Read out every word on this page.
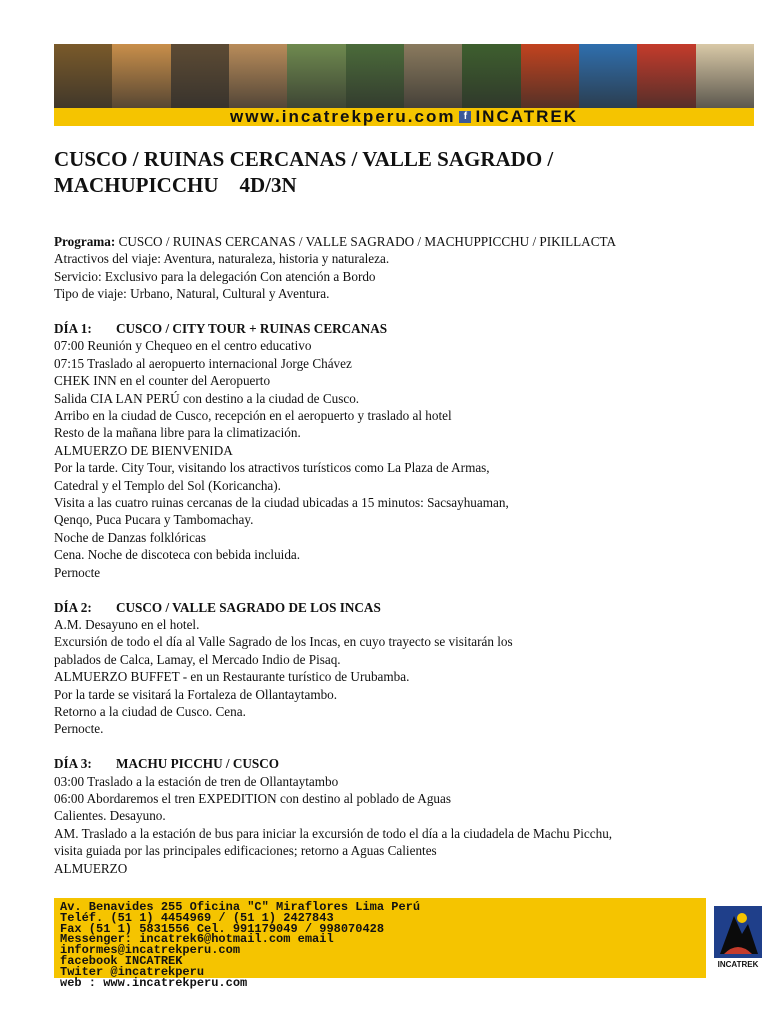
www.incatrekperu.com f INCATREK
CUSCO / RUINAS CERCANAS / VALLE SAGRADO /
MACHUPICCHU    4D/3N
Programa: CUSCO / RUINAS CERCANAS / VALLE SAGRADO / MACHUPPICCHU / PIKILLACTA
Atractivos del viaje: Aventura, naturaleza, historia y naturaleza.
Servicio: Exclusivo para la delegación Con atención a Bordo
Tipo de viaje: Urbano, Natural, Cultural y Aventura.
DÍA 1: CUSCO / CITY TOUR + RUINAS CERCANAS
07:00 Reunión y Chequeo en el centro educativo
07:15 Traslado al aeropuerto internacional Jorge Chávez
CHEK INN en el counter del Aeropuerto
Salida CIA LAN PERÚ con destino a la ciudad de Cusco.
Arribo en la ciudad de Cusco, recepción en el aeropuerto y traslado al hotel
Resto de la mañana libre para la climatización.
ALMUERZO DE BIENVENIDA
Por la tarde. City Tour, visitando los atractivos turísticos como La Plaza de Armas,
Catedral y el Templo del Sol (Koricancha).
Visita a las cuatro ruinas cercanas de la ciudad ubicadas a 15 minutos: Sacsayhuaman,
Qenqo, Puca Pucara y Tambomachay.
Noche de Danzas folklóricas
Cena. Noche de discoteca con bebida incluida.
Pernocte
DÍA 2: CUSCO / VALLE SAGRADO DE LOS INCAS
A.M. Desayuno en el hotel.
Excursión de todo el día al Valle Sagrado de los Incas, en cuyo trayecto se visitarán los
pablados de Calca, Lamay, el Mercado Indio de Pisaq.
ALMUERZO BUFFET - en un Restaurante turístico de Urubamba.
Por la tarde se visitará la Fortaleza de Ollantaytambo.
Retorno a la ciudad de Cusco. Cena.
Pernocte.
DÍA 3: MACHU PICCHU / CUSCO
03:00 Traslado a la estación de tren de Ollantaytambo
06:00 Abordaremos el tren EXPEDITION con destino al poblado de Aguas
Calientes. Desayuno.
AM. Traslado a la estación de bus para iniciar la excursión de todo el día a la ciudadela de Machu Picchu,
visita guiada por las principales edificaciones; retorno a Aguas Calientes
ALMUERZO
Av. Benavides 255 Oficina "C" Miraflores Lima Perú
Teléf. (51 1) 4454969 / (51 1) 2427843
Fax (51 1) 5831556 Cel. 991179049 / 998070428
Messenger: incatrek6@hotmail.com email
informes@incatrekperu.com
facebook INCATREK
Twiter @incatrekperu
web : www.incatrekperu.com
INCATREK
